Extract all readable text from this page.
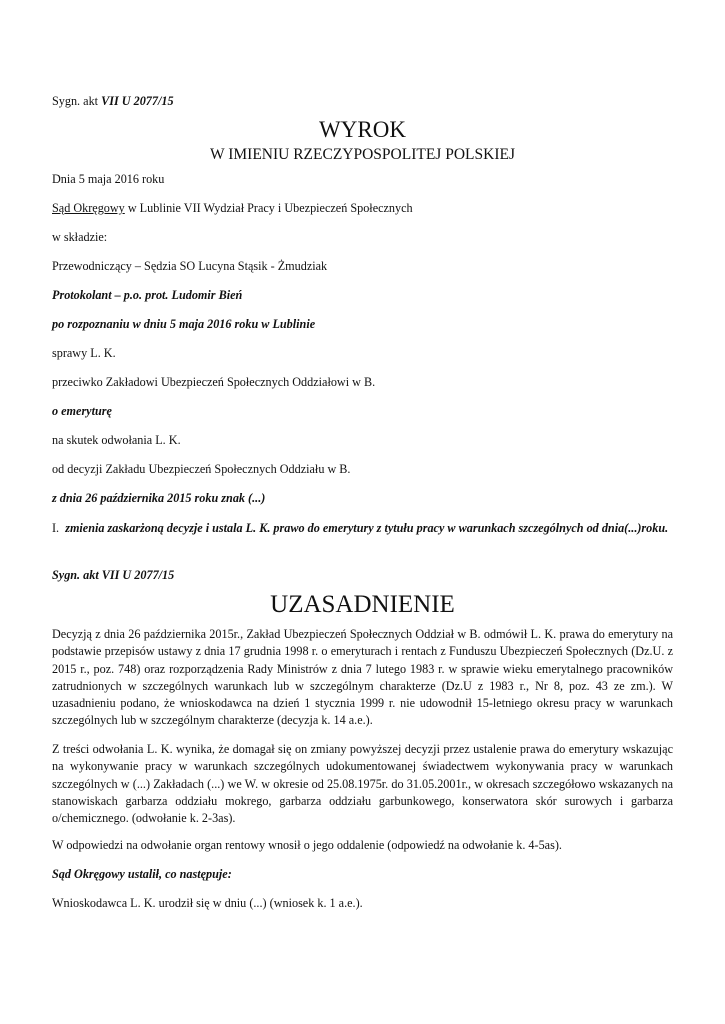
Sygn. akt VII U 2077/15
WYROK
W IMIENIU RZECZYPOSPOLITEJ POLSKIEJ
Dnia 5 maja 2016 roku
Sąd Okręgowy w Lublinie VII Wydział Pracy i Ubezpieczeń Społecznych
w składzie:
Przewodniczący – Sędzia SO Lucyna Stąsik - Żmudziak
Protokolant – p.o. prot. Ludomir Bień
po rozpoznaniu w dniu 5 maja 2016 roku w Lublinie
sprawy L. K.
przeciwko Zakładowi Ubezpieczeń Społecznych Oddziałowi w B.
o emeryturę
na skutek odwołania L. K.
od decyzji Zakładu Ubezpieczeń Społecznych Oddziału w B.
z dnia 26 października 2015 roku znak (...)
I. zmienia zaskarżoną decyzje i ustala L. K. prawo do emerytury z tytułu pracy w warunkach szczególnych od dnia(...)roku.
Sygn. akt VII U 2077/15
UZASADNIENIE
Decyzją z dnia 26 października 2015r., Zakład Ubezpieczeń Społecznych Oddział w B. odmówił L. K. prawa do emerytury na podstawie przepisów ustawy z dnia 17 grudnia 1998 r. o emeryturach i rentach z Funduszu Ubezpieczeń Społecznych (Dz.U. z 2015 r., poz. 748) oraz rozporządzenia Rady Ministrów z dnia 7 lutego 1983 r. w sprawie wieku emerytalnego pracowników zatrudnionych w szczególnych warunkach lub w szczególnym charakterze (Dz.U z 1983 r., Nr 8, poz. 43 ze zm.). W uzasadnieniu podano, że wnioskodawca na dzień 1 stycznia 1999 r. nie udowodnił 15-letniego okresu pracy w warunkach szczególnych lub w szczególnym charakterze (decyzja k. 14 a.e.).
Z treści odwołania L. K. wynika, że domagał się on zmiany powyższej decyzji przez ustalenie prawa do emerytury wskazując na wykonywanie pracy w warunkach szczególnych udokumentowanej świadectwem wykonywania pracy w warunkach szczególnych w (...) Zakładach (...) we W. w okresie od 25.08.1975r. do 31.05.2001r., w okresach szczegółowo wskazanych na stanowiskach garbarza oddziału mokrego, garbarza oddziału garbunkowego, konserwatora skór surowych i garbarza o/chemicznego. (odwołanie k. 2-3as).
W odpowiedzi na odwołanie organ rentowy wnosił o jego oddalenie (odpowiedź na odwołanie k. 4-5as).
Sąd Okręgowy ustalił, co następuje:
Wnioskodawca L. K. urodził się w dniu (...) (wniosek k. 1 a.e.).
